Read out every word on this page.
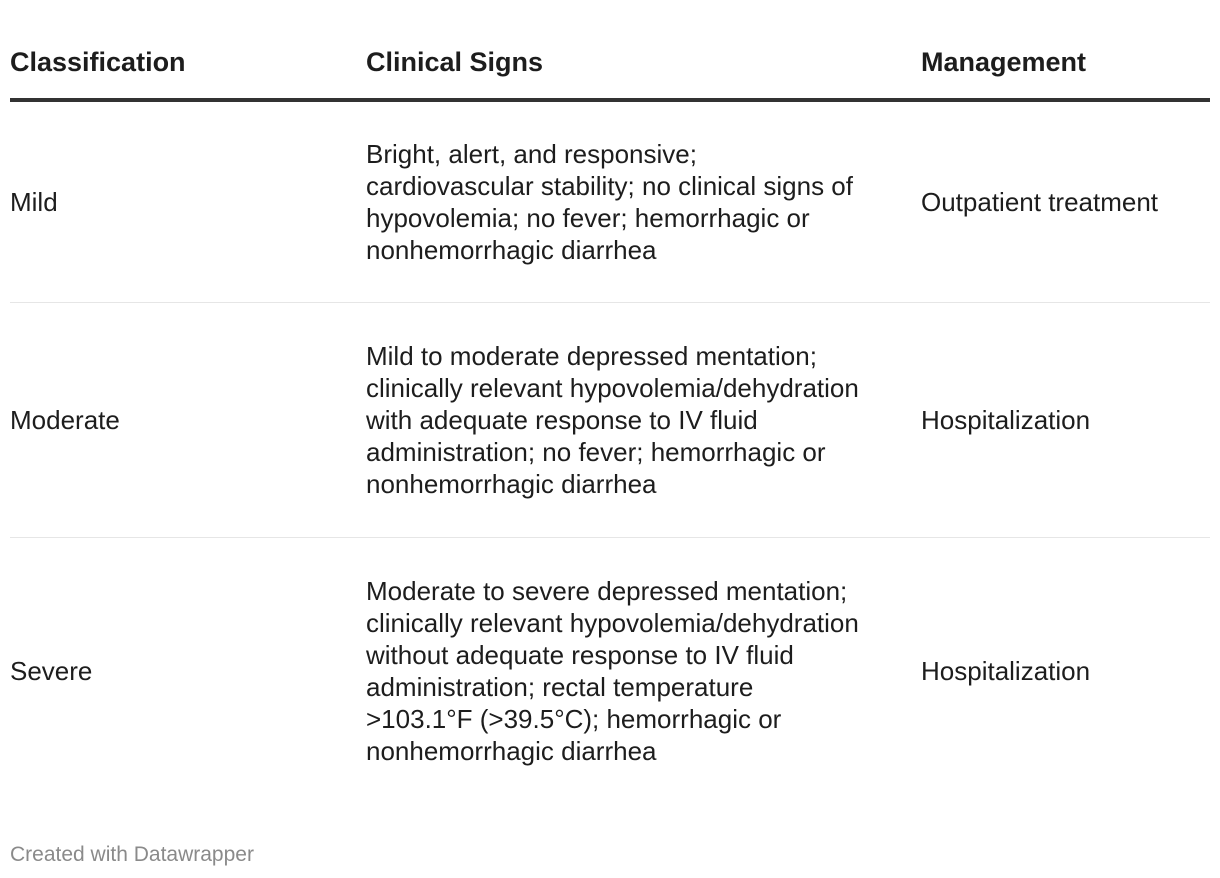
Classification	Clinical Signs	Management

Mild	Bright, alert, and responsive; cardiovascular stability; no clinical signs of hypovolemia; no fever; hemorrhagic or nonhemorrhagic diarrhea	Outpatient treatment

Moderate	Mild to moderate depressed mentation; clinically relevant hypovolemia/dehydration with adequate response to IV fluid administration; no fever; hemorrhagic or nonhemorrhagic diarrhea	Hospitalization

Severe	Moderate to severe depressed mentation; clinically relevant hypovolemia/dehydration without adequate response to IV fluid administration; rectal temperature >103.1°F (>39.5°C); hemorrhagic or nonhemorrhagic diarrhea	Hospitalization
Created with Datawrapper
